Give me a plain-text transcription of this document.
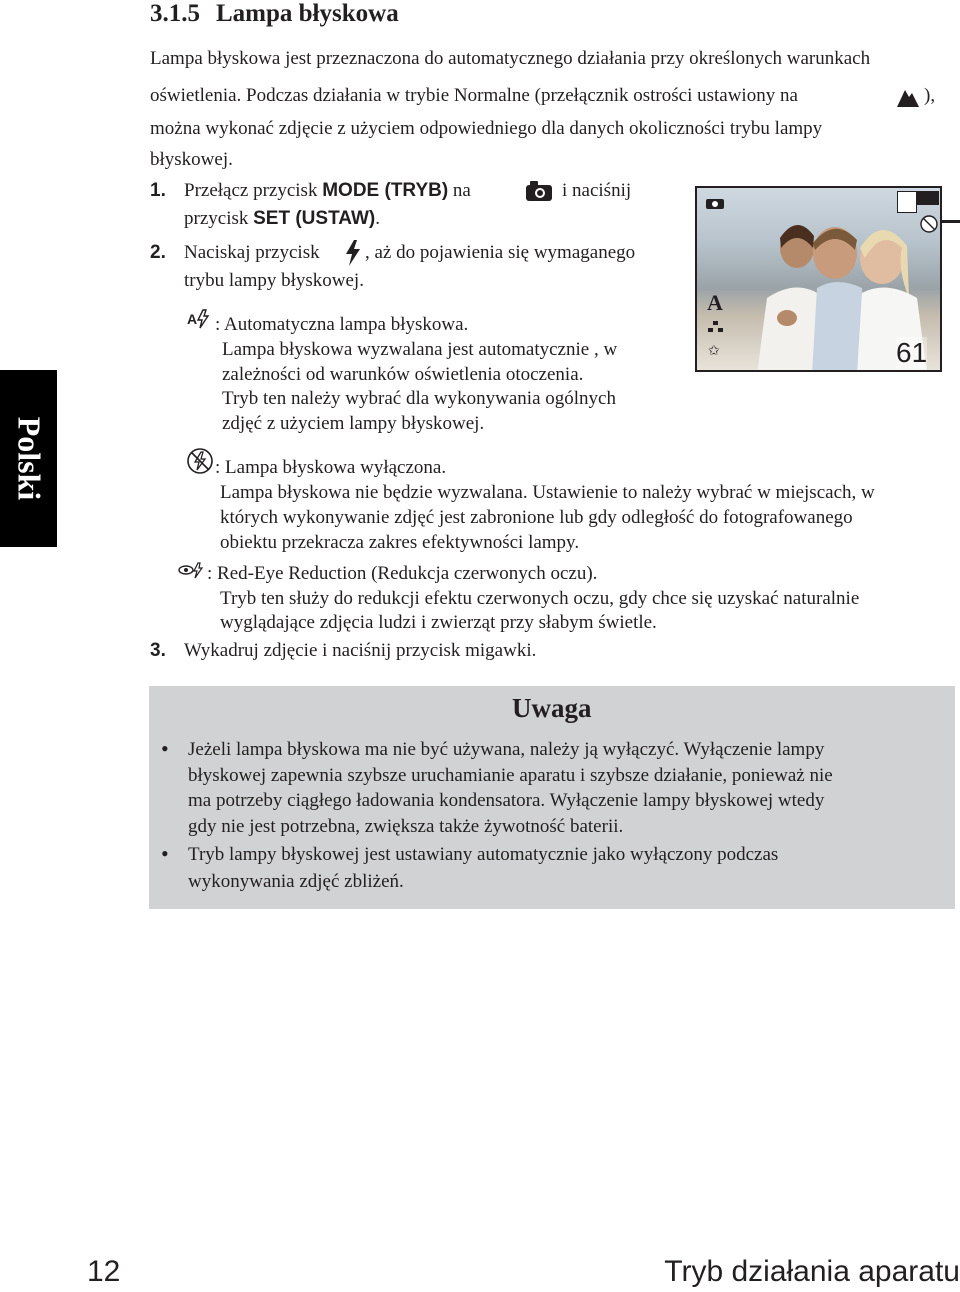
3.1.5 Lampa błyskowa
Lampa błyskowa jest przeznaczona do automatycznego działania przy określonych warunkach
oświetlenia. Podczas działania w trybie Normalne (przełącznik ostrości ustawiony na	),
można wykonać zdjęcie z użyciem odpowiedniego dla danych okoliczności trybu lampy
błyskowej.
1. Przełącz przycisk MODE (TRYB) na	i naciśnij
przycisk SET (USTAW).
2. Naciskaj przycisk , aż do pojawienia się wymaganego
trybu lampy błyskowej.
A : Automatyczna lampa błyskowa.
Lampa błyskowa wyzwalana jest automatycznie , w
zależności od warunków oświetlenia otoczenia.
Tryb ten należy wybrać dla wykonywania ogólnych
zdjęć z użyciem lampy błyskowej.
: Lampa błyskowa wyłączona.
Lampa błyskowa nie będzie wyzwalana. Ustawienie to należy wybrać w miejscach, w
których wykonywanie zdjęć jest zabronione lub gdy odległość do fotografowanego
obiektu przekracza zakres efektywności lampy.
: Red-Eye Reduction (Redukcja czerwonych oczu).
Tryb ten służy do redukcji efektu czerwonych oczu, gdy chce się uzyskać naturalnie
wyglądające zdjęcia ludzi i zwierząt przy słabym świetle.
3. Wykadruj zdjęcie i naciśnij przycisk migawki.
A
✩	61
Polski
Uwaga
• Jeżeli lampa błyskowa ma nie być używana, należy ją wyłączyć. Wyłączenie lampy
błyskowej zapewnia szybsze uruchamianie aparatu i szybsze działanie, ponieważ nie
ma potrzeby ciągłego ładowania kondensatora. Wyłączenie lampy błyskowej wtedy
gdy nie jest potrzebna, zwiększa także żywotność baterii.
• Tryb lampy błyskowej jest ustawiany automatycznie jako wyłączony podczas
wykonywania zdjęć zbliżeń.
12	Tryb działania aparatu
